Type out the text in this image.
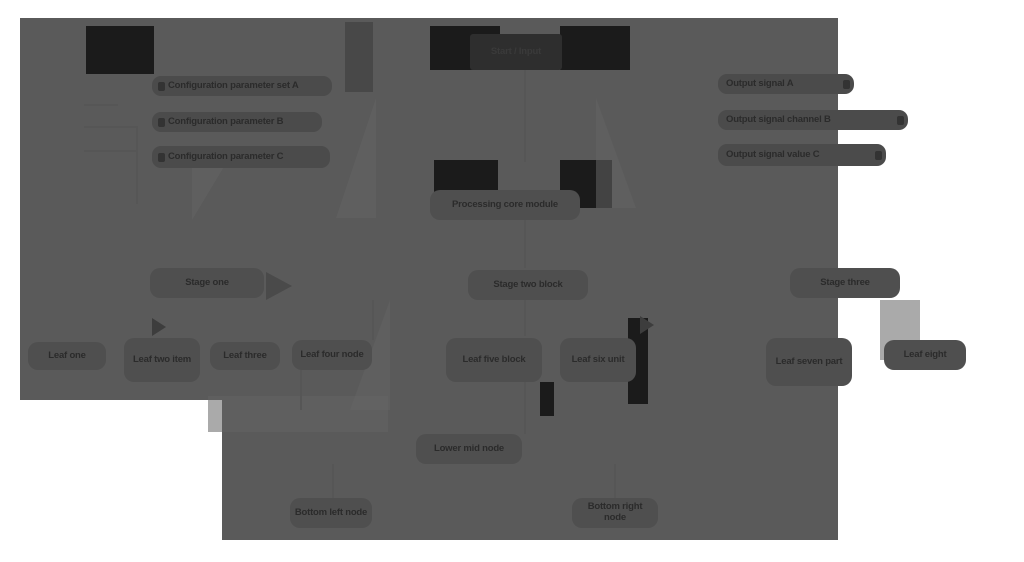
Start / Input
Configuration parameter set A
Configuration parameter B
Configuration parameter C
Output signal A
Output signal channel B
Output signal value C
Processing core module
Stage one	Stage two block	Stage three
Leaf one	Leaf two item	Leaf three	Leaf four node	Leaf five block	Leaf six unit	Leaf seven part
Leaf eight
Lower mid node
Bottom left node	Bottom right node
